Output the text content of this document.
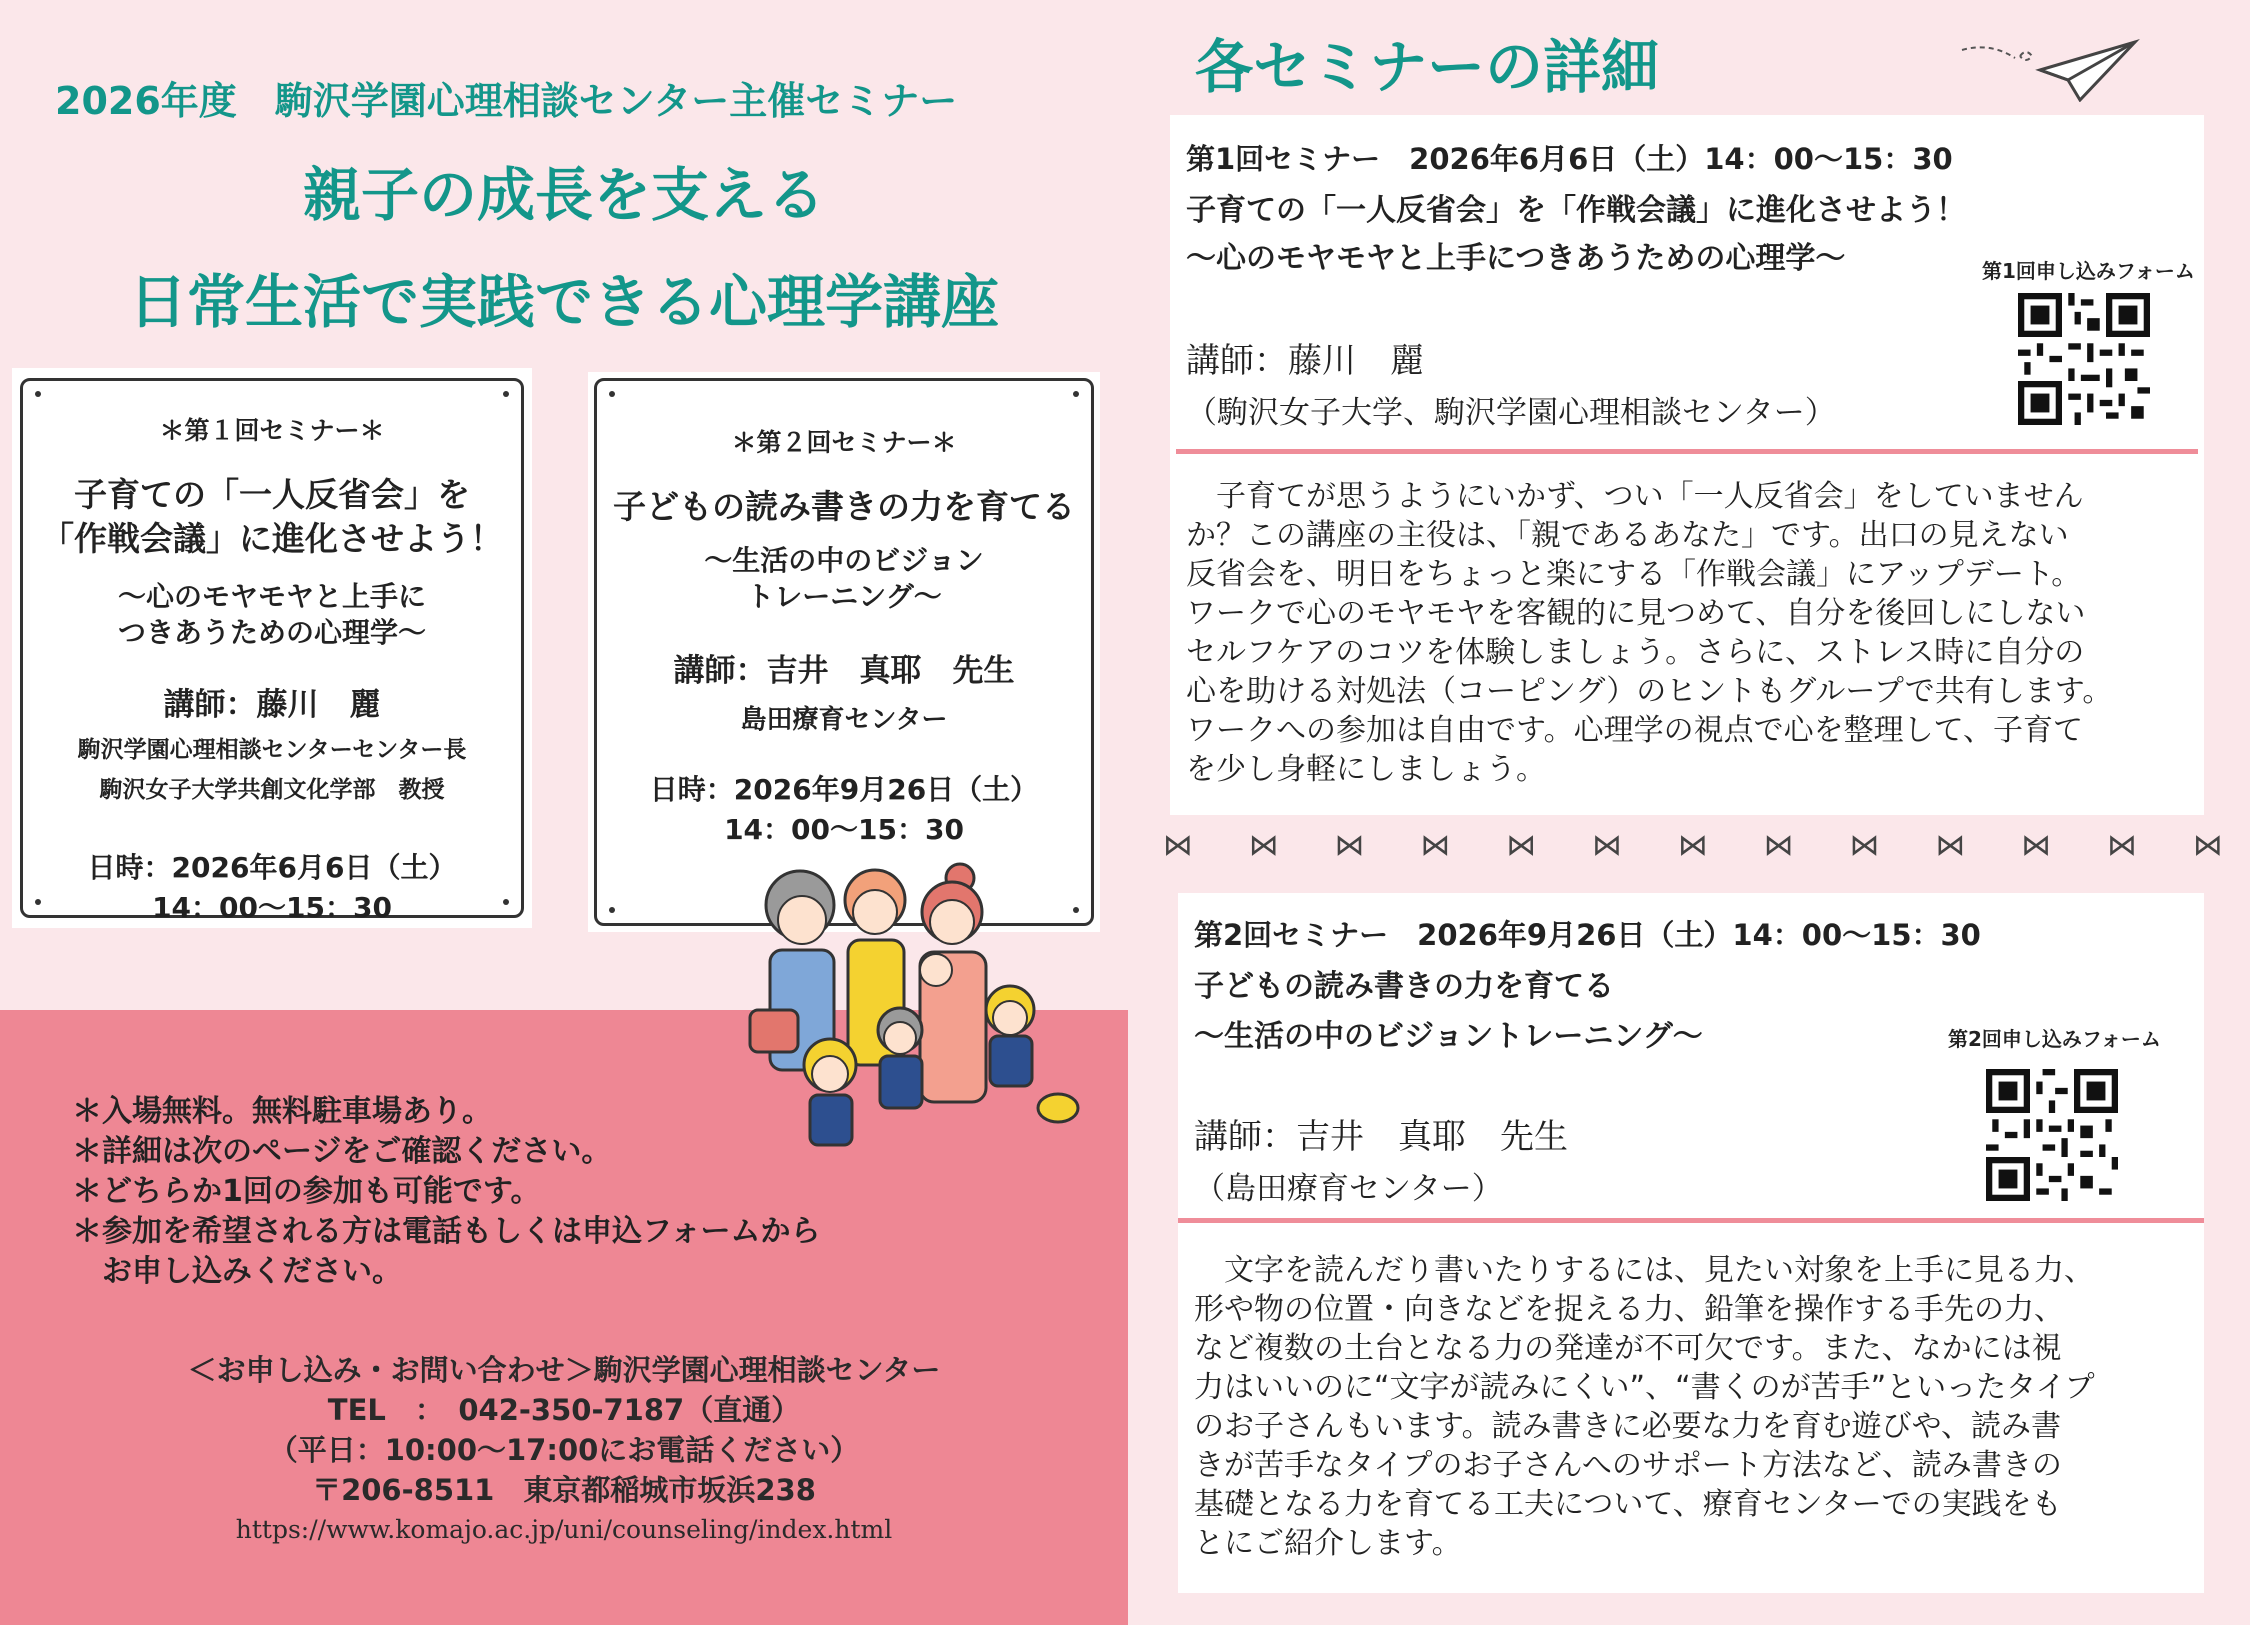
2026年度　駒沢学園心理相談センター主催セミナー
親子の成長を支える
日常生活で実践できる心理学講座
＊第１回セミナー＊
子育ての「一人反省会」を
「作戦会議」に進化させよう！
～心のモヤモヤと上手に
つきあうための心理学～
講師：藤川　麗
駒沢学園心理相談センターセンター長
駒沢女子大学共創文化学部　教授
日時：2026年6月6日（土）
14：00～15：30
＊第２回セミナー＊
子どもの読み書きの力を育てる
～生活の中のビジョン
トレーニング～
講師：吉井　真耶　先生
島田療育センター
日時：2026年9月26日（土）
14：00～15：30
＊入場無料。無料駐車場あり。
＊詳細は次のページをご確認ください。
＊どちらか1回の参加も可能です。
＊参加を希望される方は電話もしくは申込フォームから
　お申し込みください。
＜お申し込み・お問い合わせ＞駒沢学園心理相談センター
TEL　：　042-350-7187（直通）
（平日：10:00～17:00にお電話ください）
〒206-8511　東京都稲城市坂浜238
https://www.komajo.ac.jp/uni/counseling/index.html
各セミナーの詳細
第1回セミナー　2026年6月6日（土）14：00～15：30
子育ての「一人反省会」を「作戦会議」に進化させよう！
～心のモヤモヤと上手につきあうための心理学～	第1回申し込みフォーム
講師：藤川　麗
（駒沢女子大学、駒沢学園心理相談センター）
　子育てが思うようにいかず、つい「一人反省会」をしていません
か？この講座の主役は、「親であるあなた」です。出口の見えない
反省会を、明日をちょっと楽にする「作戦会議」にアップデート。
ワークで心のモヤモヤを客観的に見つめて、自分を後回しにしない
セルフケアのコツを体験しましょう。さらに、ストレス時に自分の
心を助ける対処法（コーピング）のヒントもグループで共有します。
ワークへの参加は自由です。心理学の視点で心を整理して、子育て
を少し身軽にしましょう。
⋈ ⋈ ⋈ ⋈ ⋈ ⋈ ⋈ ⋈ ⋈ ⋈ ⋈ ⋈ ⋈
第2回セミナー　2026年9月26日（土）14：00～15：30
子どもの読み書きの力を育てる
～生活の中のビジョントレーニング～	第2回申し込みフォーム
講師：吉井　真耶　先生
（島田療育センター）
　文字を読んだり書いたりするには、見たい対象を上手に見る力、
形や物の位置・向きなどを捉える力、鉛筆を操作する手先の力、
など複数の土台となる力の発達が不可欠です。また、なかには視
力はいいのに“文字が読みにくい”、“書くのが苦手”といったタイプ
のお子さんもいます。読み書きに必要な力を育む遊びや、読み書
きが苦手なタイプのお子さんへのサポート方法など、読み書きの
基礎となる力を育てる工夫について、療育センターでの実践をも
とにご紹介します。
